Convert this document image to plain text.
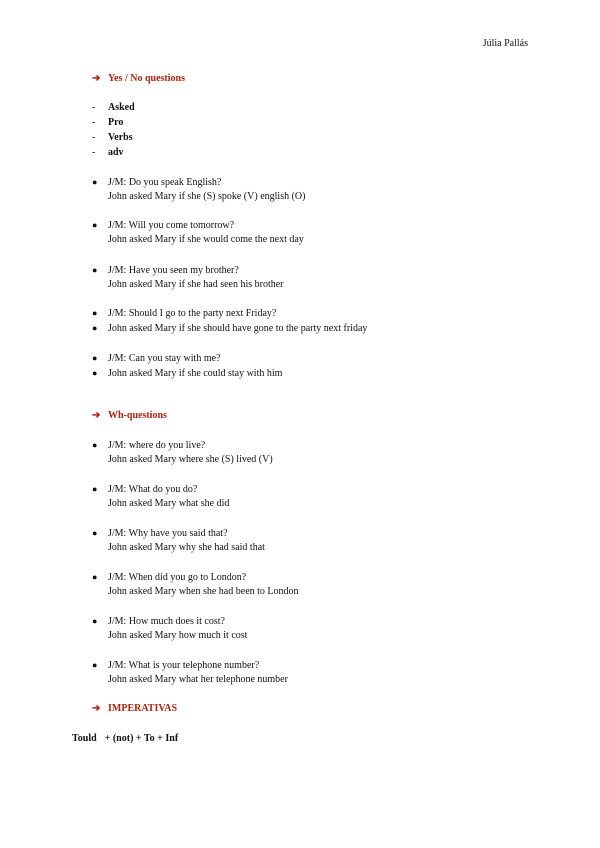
Júlia Pallás
➔ Yes / No questions
- Asked
- Pro
- Verbs
- adv
● J/M: Do you speak English?
John asked Mary if she (S) spoke (V) english (O)
● J/M: Will you come tomorrow?
John asked Mary if she would come the next day
● J/M: Have you seen my brother?
John asked Mary if she had seen his brother
● J/M: Should I go to the party next Friday?
● John asked Mary if she should have gone to the party next friday
● J/M: Can you stay with me?
● John asked Mary if she could stay with him
➔ Wh-questions
● J/M: where do you live?
John asked Mary where she (S) lived (V)
● J/M: What do you do?
John asked Mary what she did
● J/M: Why have you said that?
John asked Mary why she had said that
● J/M: When did you go to London?
John asked Mary when she had been to London
● J/M: How much does it cost?
John asked Mary how much it cost
● J/M: What is your telephone number?
John asked Mary what her telephone number
➔ IMPERATIVAS
Tould + (not) + To + Inf
